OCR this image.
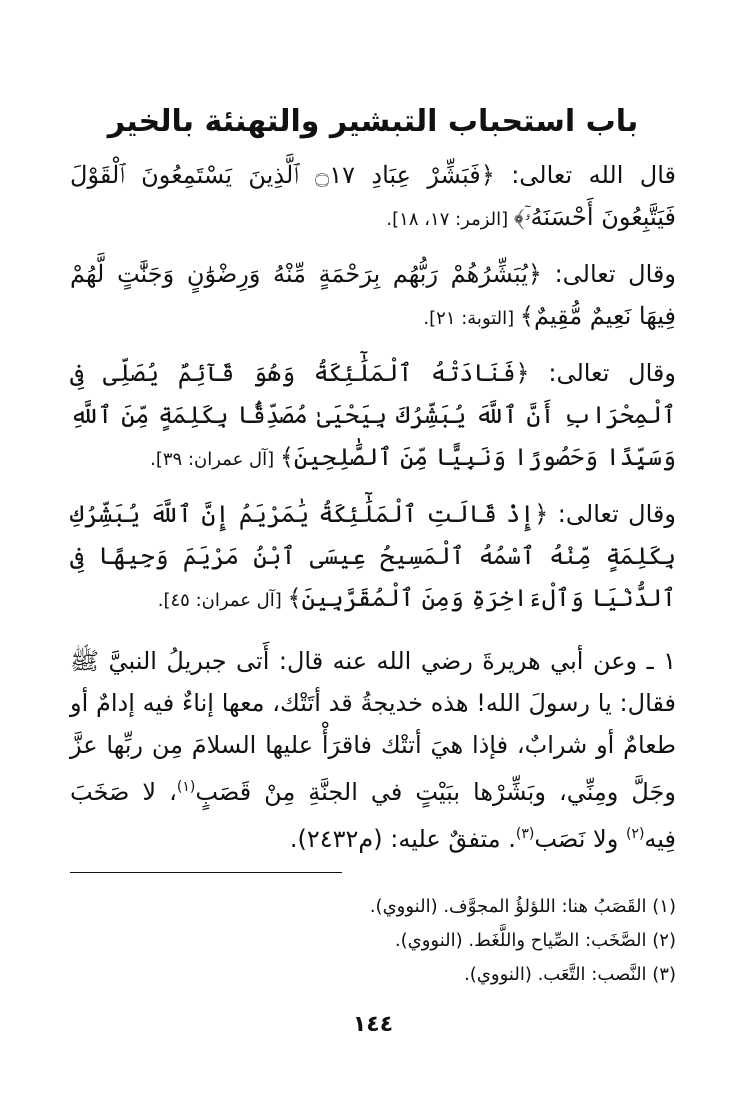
باب استحباب التبشير والتهنئة بالخير

قال الله تعالى: ﴿فَبَشِّرْ عِبَادِ ۝١٧ ٱلَّذِينَ يَسْتَمِعُونَ ٱلْقَوْلَ فَيَتَّبِعُونَ أَحْسَنَهُۥٓ﴾ [الزمر: ١٧، ١٨].

وقال تعالى: ﴿يُبَشِّرُهُمْ رَبُّهُم بِرَحْمَةٍ مِّنْهُ وَرِضْوَٰنٍ وَجَنَّٰتٍ لَّهُمْ فِيهَا نَعِيمٌ مُّقِيمٌ﴾ [التوبة: ٢١].

وقال تعالى: ﴿فَنَادَتْهُ ٱلْمَلَٰٓئِكَةُ وَهُوَ قَآئِمٌ يُصَلِّى فِى ٱلْمِحْرَابِ أَنَّ ٱللَّهَ يُبَشِّرُكَ بِيَحْيَىٰ مُصَدِّقًۢا بِكَلِمَةٍ مِّنَ ٱللَّهِ وَسَيِّدًا وَحَصُورًا وَنَبِيًّا مِّنَ ٱلصَّٰلِحِينَ﴾ [آل عمران: ٣٩].

وقال تعالى: ﴿إِذْ قَالَتِ ٱلْمَلَٰٓئِكَةُ يَٰمَرْيَمُ إِنَّ ٱللَّهَ يُبَشِّرُكِ بِكَلِمَةٍ مِّنْهُ ٱسْمُهُ ٱلْمَسِيحُ عِيسَى ٱبْنُ مَرْيَمَ وَجِيهًا فِى ٱلدُّنْيَا وَٱلْءَاخِرَةِ وَمِنَ ٱلْمُقَرَّبِينَ﴾ [آل عمران: ٤٥].

١ ـ وعن أبي هريرةَ رضي الله عنه قال: أَتى جبريلُ النبيَّ ﷺ فقال: يا رسولَ الله! هذه خديجةُ قد أتَتْك، معها إناءٌ فيه إدامٌ أو طعامٌ أو شرابٌ، فإذا هيَ أتتْك فاقرَأْ عليها السلامَ مِن ربِّها عزَّ وجَلَّ ومِنِّي، وبَشِّرْها ببَيْتٍ في الجنَّةِ مِنْ قَصَبٍ$^{(١)}$، لا صَخَبَ فِيه$^{(٢)}$ ولا نَصَب$^{(٣)}$. متفقٌ عليه: (م٢٤٣٢).

(١) القَصَبُ هنا: اللؤلؤُ المجوَّف. (النووي).
(٢) الصَّخَب: الصِّياح واللَّغَط. (النووي).
(٣) النَّصب: التَّعَب. (النووي).
١٤٤
